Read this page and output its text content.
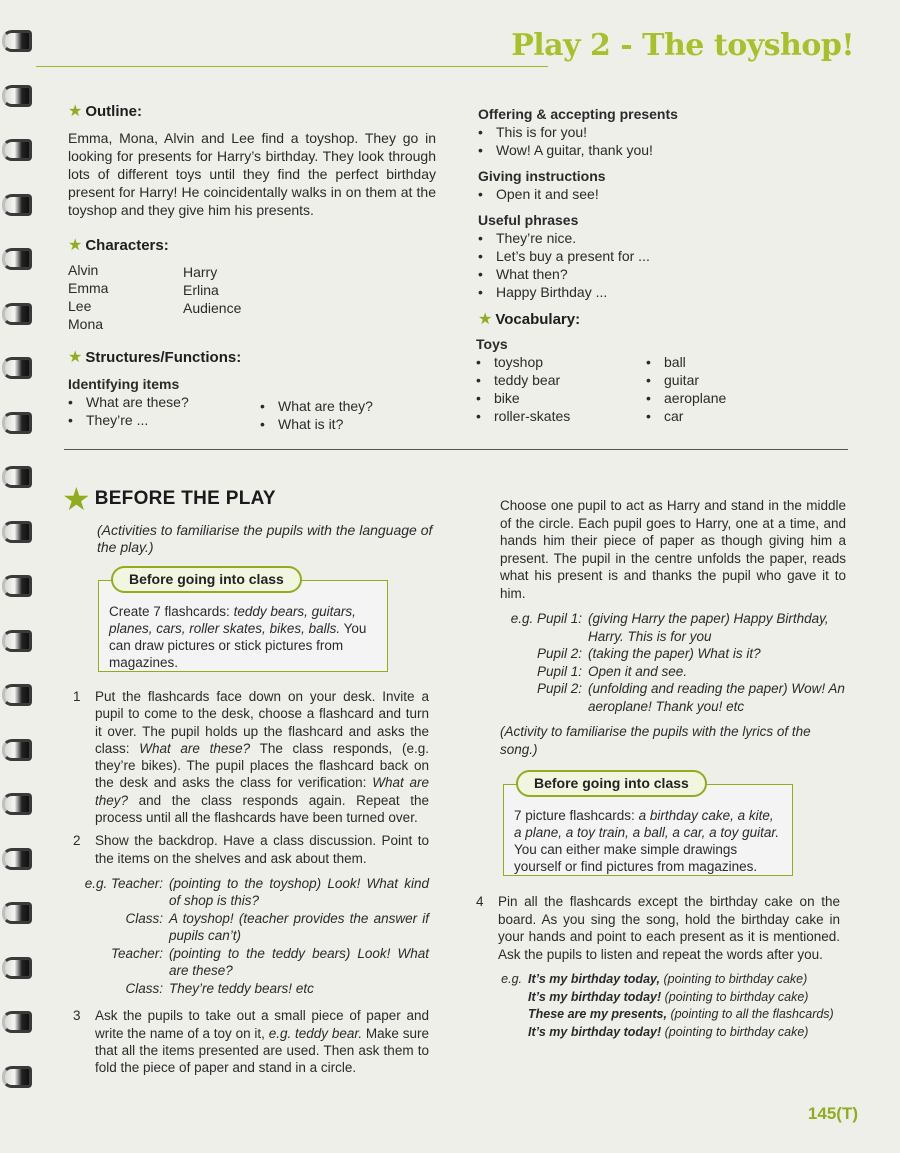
Play 2 - The toyshop!
★ Outline:

Emma, Mona, Alvin and Lee find a toyshop. They go in looking for presents for Harry’s birthday. They look through lots of different toys until they find the perfect birthday present for Harry! He coincidentally walks in on them at the toyshop and they give him his presents.

★ Characters:
Alvin
Emma
Lee
Mona
Harry
Erlina
Audience
★ Structures/Functions:
Identifying items
• What are these?
• They’re ...
• What are they?
• What is it?
Offering & accepting presents
• This is for you!
• Wow! A guitar, thank you!
Giving instructions
• Open it and see!
Useful phrases
• They’re nice.
• Let’s buy a present for ...
• What then?
• Happy Birthday ...
★ Vocabulary:
Toys
• toyshop
• teddy bear
• bike
• roller-skates
• ball
• guitar
• aeroplane
• car
★ BEFORE THE PLAY
(Activities to familiarise the pupils with the language of the play.)
Before going into class
Create 7 flashcards: teddy bears, guitars, planes, cars, roller skates, bikes, balls. You can draw pictures or stick pictures from magazines.
1 Put the flashcards face down on your desk. Invite a pupil to come to the desk, choose a flashcard and turn it over. The pupil holds up the flashcard and asks the class: What are these? The class responds, (e.g. they’re bikes). The pupil places the flashcard back on the desk and asks the class for verification: What are they? and the class responds again. Repeat the process until all the flashcards have been turned over.
2 Show the backdrop. Have a class discussion. Point to the items on the shelves and ask about them.
e.g. Teacher: (pointing to the toyshop) Look! What kind of shop is this?
Class: A toyshop! (teacher provides the answer if pupils can’t)
Teacher: (pointing to the teddy bears) Look! What are these?
Class: They’re teddy bears! etc
3 Ask the pupils to take out a small piece of paper and write the name of a toy on it, e.g. teddy bear. Make sure that all the items presented are used. Then ask them to fold the piece of paper and stand in a circle.

Choose one pupil to act as Harry and stand in the middle of the circle. Each pupil goes to Harry, one at a time, and hands him their piece of paper as though giving him a present. The pupil in the centre unfolds the paper, reads what his present is and thanks the pupil who gave it to him.

e.g. Pupil 1: (giving Harry the paper) Happy Birthday, Harry. This is for you
Pupil 2: (taking the paper) What is it?
Pupil 1: Open it and see.
Pupil 2: (unfolding and reading the paper) Wow! An aeroplane! Thank you! etc

(Activity to familiarise the pupils with the lyrics of the song.)

Before going into class
7 picture flashcards: a birthday cake, a kite, a plane, a toy train, a ball, a car, a toy guitar. You can either make simple drawings yourself or find pictures from magazines.
4 Pin all the flashcards except the birthday cake on the board. As you sing the song, hold the birthday cake in your hands and point to each present as it is mentioned. Ask the pupils to listen and repeat the words after you.
e.g. It’s my birthday today, (pointing to birthday cake)
It’s my birthday today! (pointing to birthday cake)
These are my presents, (pointing to all the flashcards)
It’s my birthday today! (pointing to birthday cake)
145(T)
